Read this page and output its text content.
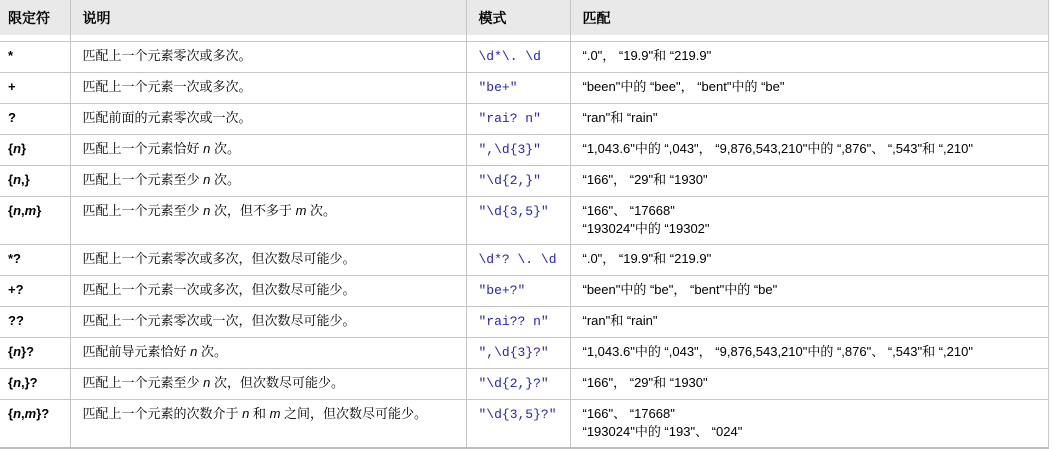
限定符	说明	模式	匹配
*	匹配上一个元素零次或多次。	\d*\. \d	“.0"， “19.9"和 “219.9"

+	匹配上一个元素一次或多次。	"be+"	“been"中的 “bee"， “bent"中的 “be"

?	匹配前面的元素零次或一次。	"rai? n"	“ran"和 “rain"

{n}	匹配上一个元素恰好 n 次。	",\d{3}"	“1,043.6"中的 “,043"， “9,876,543,210"中的 “,876"、 “,543"和 “,210"

{n,}	匹配上一个元素至少 n 次。	"\d{2,}"	“166"， “29"和 “1930"

{n,m}	匹配上一个元素至少 n 次，但不多于 m 次。	"\d{3,5}"	“166"、 “17668"
“193024"中的 “19302"

*?	匹配上一个元素零次或多次，但次数尽可能少。	\d*? \. \d	“.0"， “19.9"和 “219.9"

+?	匹配上一个元素一次或多次，但次数尽可能少。	"be+?"	“been"中的 “be"， “bent"中的 “be"

??	匹配上一个元素零次或一次，但次数尽可能少。	"rai?? n"	“ran"和 “rain"

{n}?	匹配前导元素恰好 n 次。	",\d{3}?"	“1,043.6"中的 “,043"， “9,876,543,210"中的 “,876"、 “,543"和 “,210"

{n,}?	匹配上一个元素至少 n 次，但次数尽可能少。	"\d{2,}?"	“166"， “29"和 “1930"

{n,m}?	匹配上一个元素的次数介于 n 和 m 之间，但次数尽可能少。	"\d{3,5}?"	“166"、 “17668"
“193024"中的 “193"、 “024"
